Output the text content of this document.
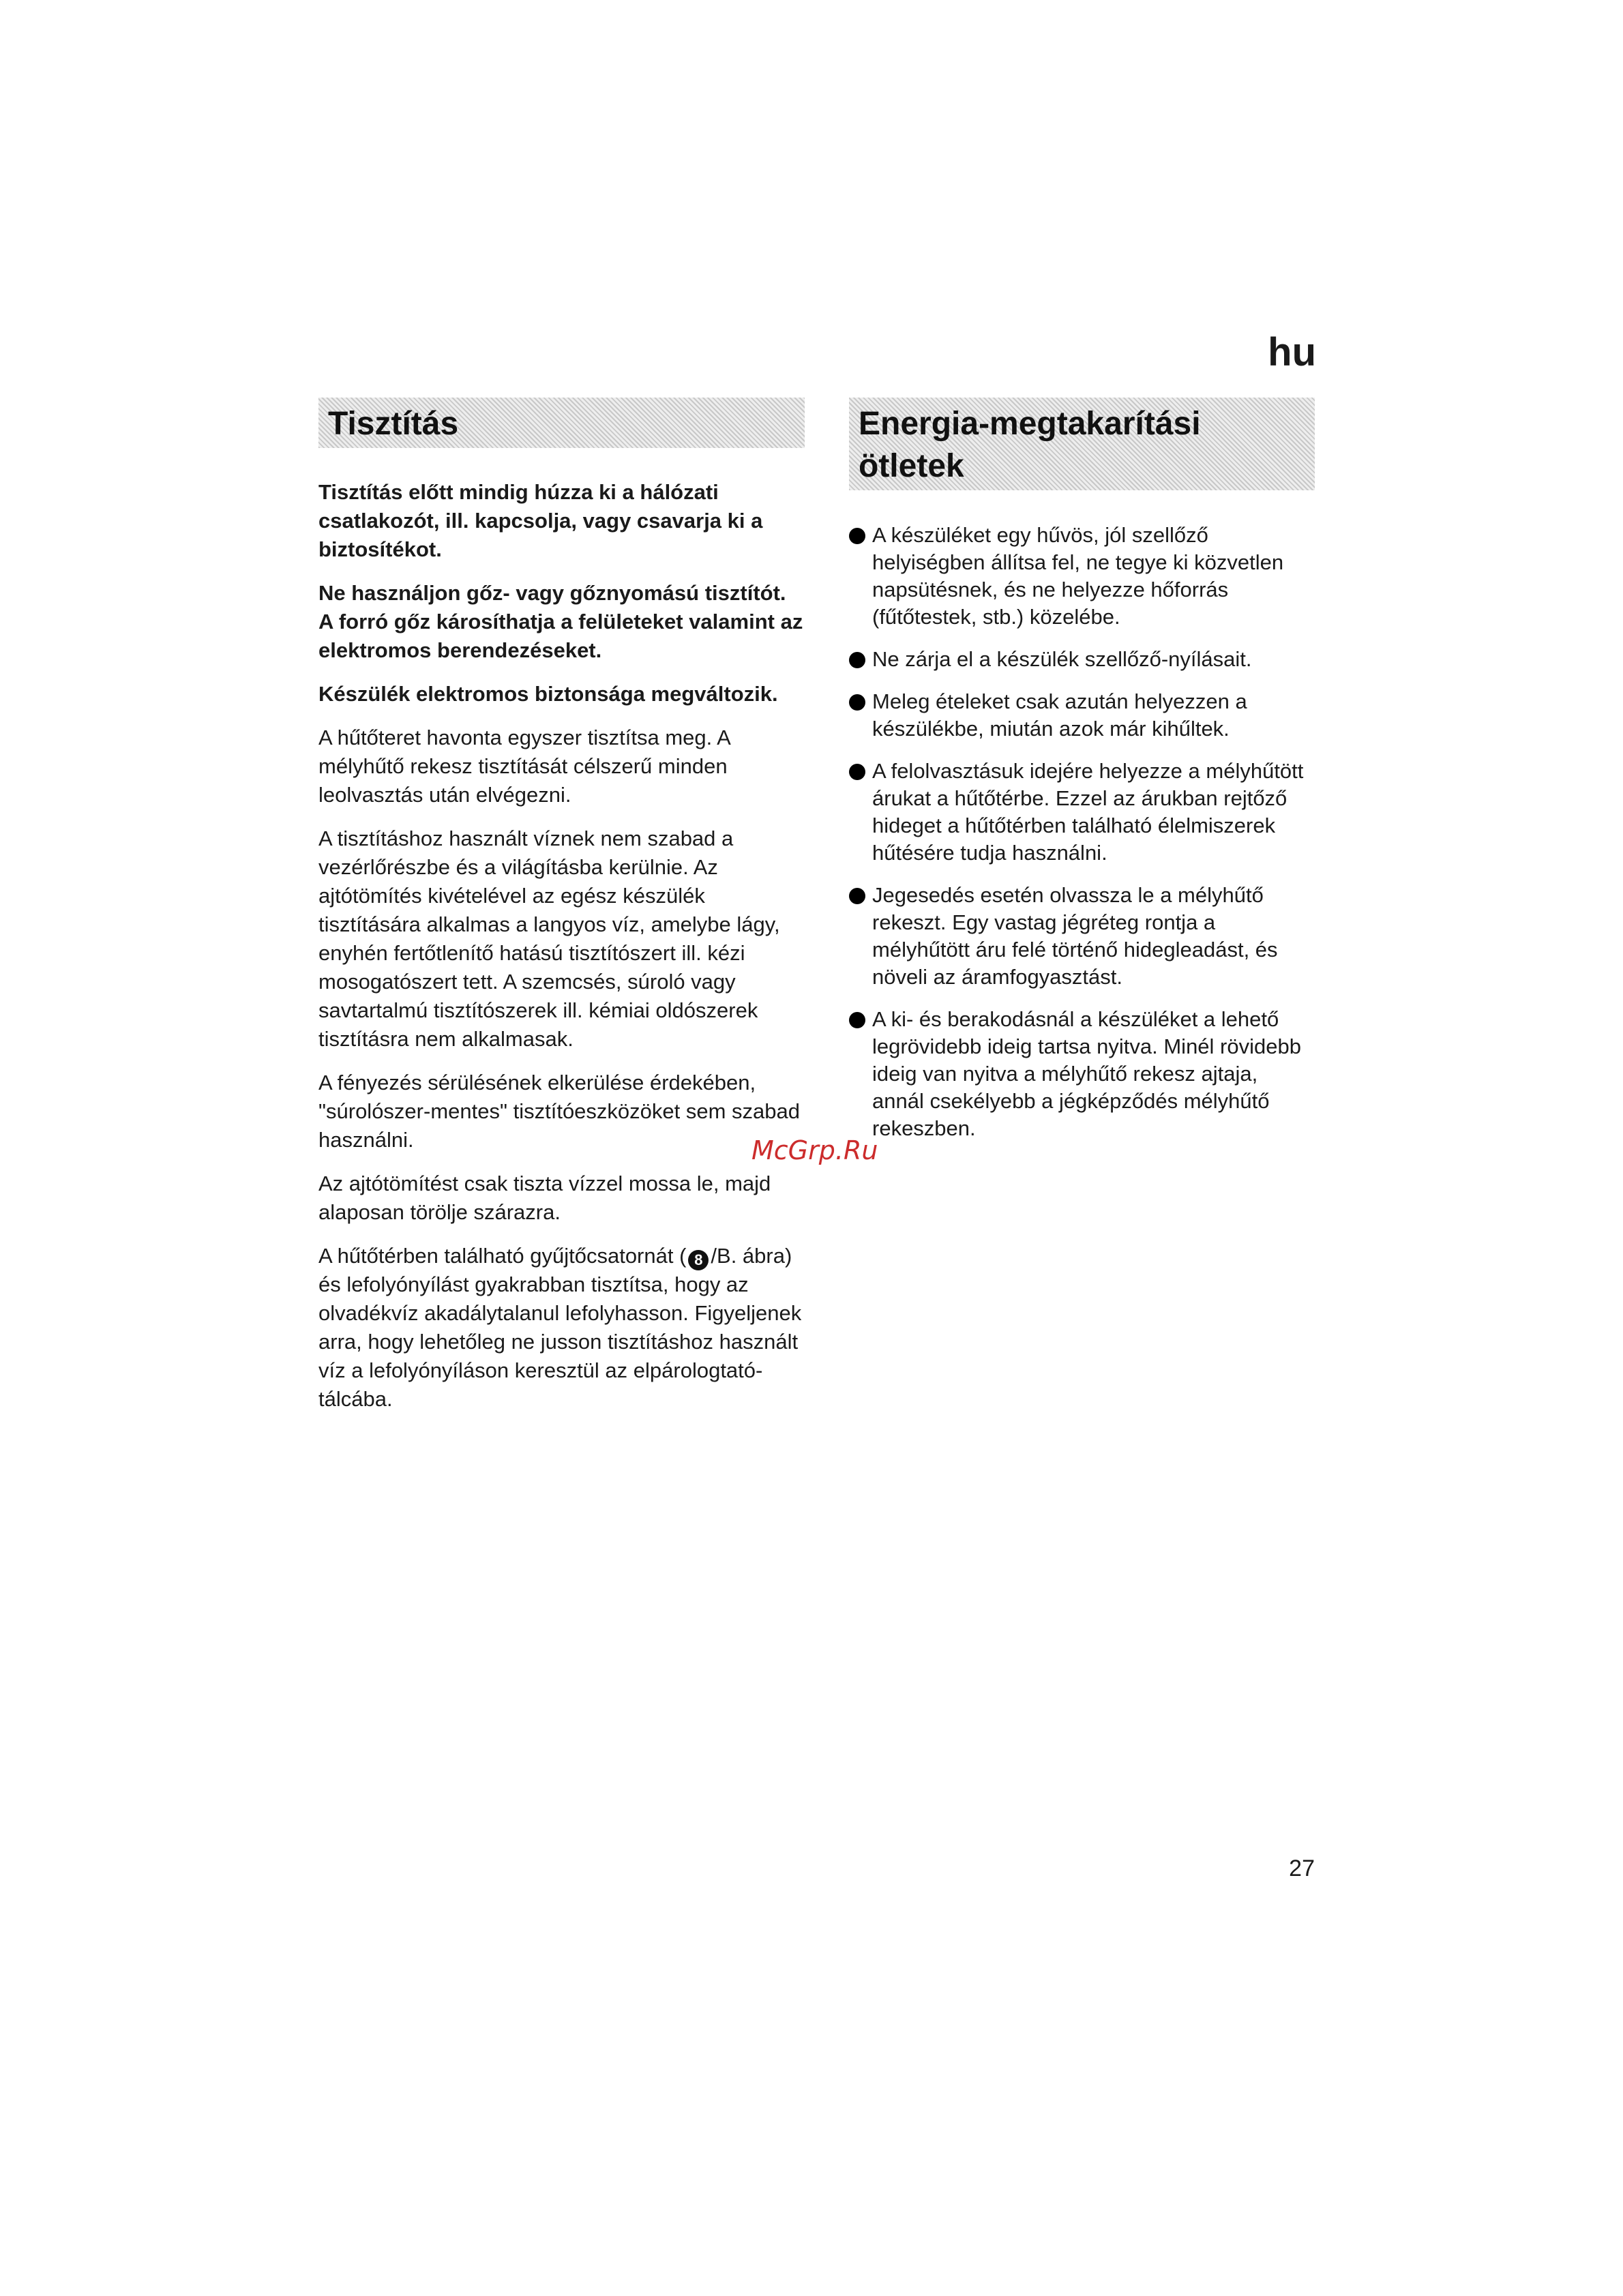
hu

Tisztítás

Tisztítás előtt mindig húzza ki a hálózati csatlakozót, ill. kapcsolja, vagy csavarja ki a biztosítékot.

Ne használjon gőz- vagy gőznyomású tisztítót. A forró gőz károsíthatja a felületeket valamint az elektromos berendezéseket.

Készülék elektromos biztonsága megváltozik.

A hűtőteret havonta egyszer tisztítsa meg. A mélyhűtő rekesz tisztítását célszerű minden leolvasztás után elvégezni.

A tisztításhoz használt víznek nem szabad a vezérlőrészbe és a világításba kerülnie. Az ajtótömítés kivételével az egész készülék tisztítására alkalmas a langyos víz, amelybe lágy, enyhén fertőtlenítő hatású tisztítószert ill. kézi mosogatószert tett. A szemcsés, súroló vagy savtartalmú tisztítószerek ill. kémiai oldószerek tisztításra nem alkalmasak.

A fényezés sérülésének elkerülése érdekében, "súrolószer-mentes" tisztítóeszközöket sem szabad használni.

Az ajtótömítést csak tiszta vízzel mossa le, majd alaposan törölje szárazra.

A hűtőtérben található gyűjtőcsatornát ( 8 /B. ábra) és lefolyónyílást gyakrabban tisztítsa, hogy az olvadékvíz akadálytalanul lefolyhasson. Figyeljenek arra, hogy lehetőleg ne jusson tisztításhoz használt víz a lefolyónyíláson keresztül az elpárologtató-tálcába.

Energia-megtakarítási ötletek
A készüléket egy hűvös, jól szellőző helyiségben állítsa fel, ne tegye ki közvetlen napsütésnek, és ne helyezze hőforrás (fűtőtestek, stb.) közelébe.
Ne zárja el a készülék szellőző-nyílásait.
Meleg ételeket csak azután helyezzen a készülékbe, miután azok már kihűltek.
A felolvasztásuk idejére helyezze a mélyhűtött árukat a hűtőtérbe. Ezzel az árukban rejtőző hideget a hűtőtérben található élelmiszerek hűtésére tudja használni.
Jegesedés esetén olvassza le a mélyhűtő rekeszt. Egy vastag jégréteg rontja a mélyhűtött áru felé történő hidegleadást, és növeli az áramfogyasztást.
A ki- és berakodásnál a készüléket a lehető legrövidebb ideig tartsa nyitva. Minél rövidebb ideig van nyitva a mélyhűtő rekesz ajtaja, annál csekélyebb a jégképződés mélyhűtő rekeszben.

McGrp.Ru

27
